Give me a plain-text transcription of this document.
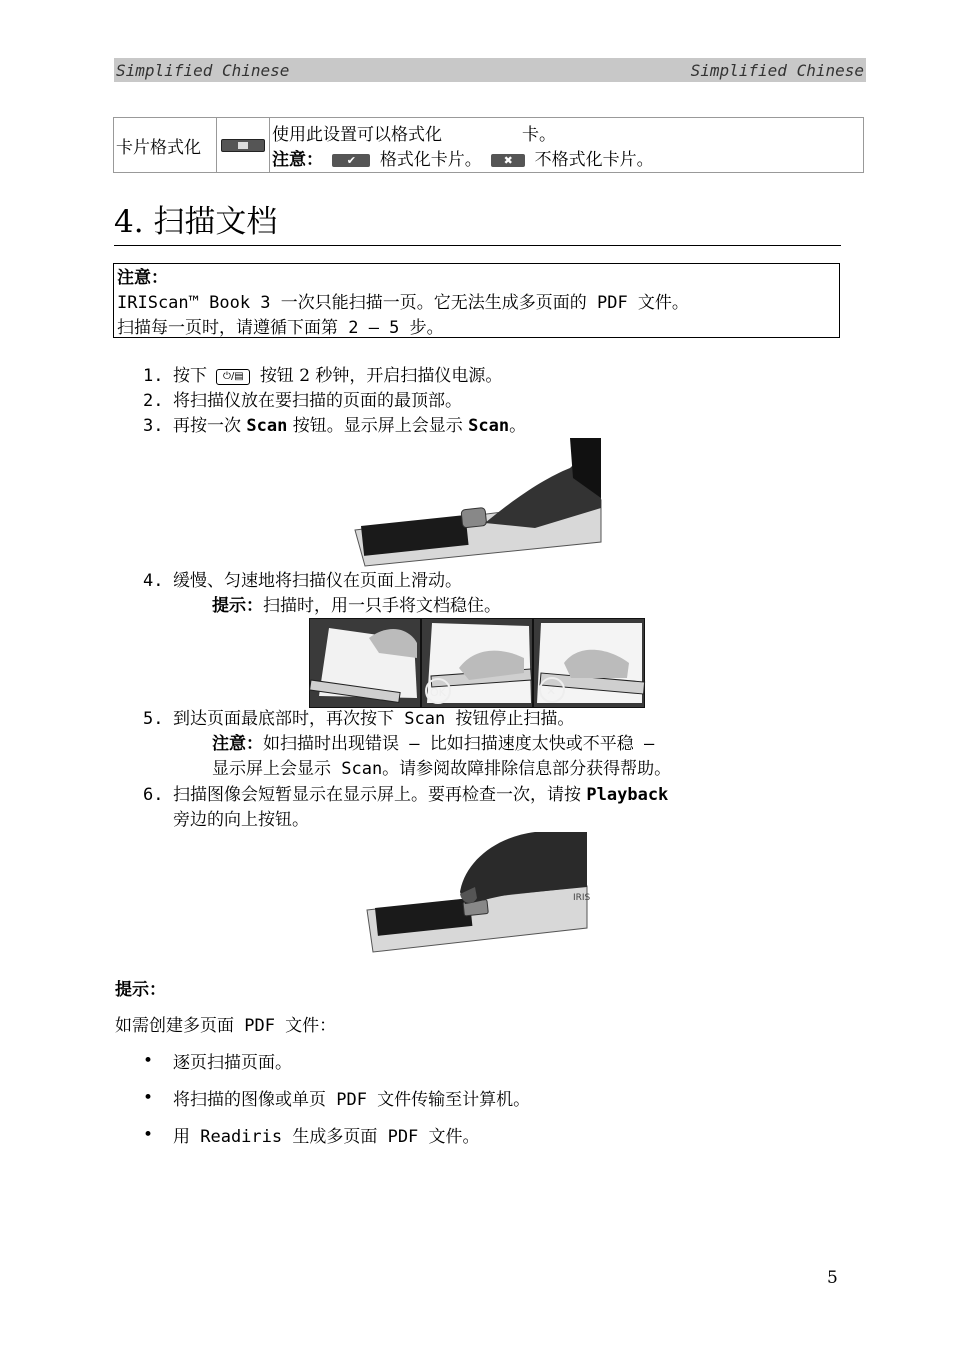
Simplified Chinese	Simplified Chinese
卡片格式化	

使用此设置可以格式化	卡。
注意： ✔ 格式化卡片。 ✖ 不格式化卡片。
4. 扫描文档
注意：
IRIScan™ Book 3 一次只能扫描一页。它无法生成多页面的 PDF 文件。
扫描每一页时，请遵循下面第 2 – 5 步。
1. 按下 ⏻/▤ 按钮 2 秒钟，开启扫描仪电源。
2. 将扫描仪放在要扫描的页面的最顶部。
3. 再按一次 Scan 按钮。显示屏上会显示 Scan。
4. 缓慢、匀速地将扫描仪在页面上滑动。
提示：扫描时，用一只手将文档稳住。
OK	✕
5. 到达页面最底部时，再次按下 Scan 按钮停止扫描。
注意：如扫描时出现错误 – 比如扫描速度太快或不平稳 –
显示屏上会显示 Scan。请参阅故障排除信息部分获得帮助。
6. 扫描图像会短暂显示在显示屏上。要再检查一次，请按 Playback
旁边的向上按钮。
IRIS
提示：
如需创建多页面 PDF 文件：
• 逐页扫描页面。
• 将扫描的图像或单页 PDF 文件传输至计算机。
• 用 Readiris 生成多页面 PDF 文件。
5
